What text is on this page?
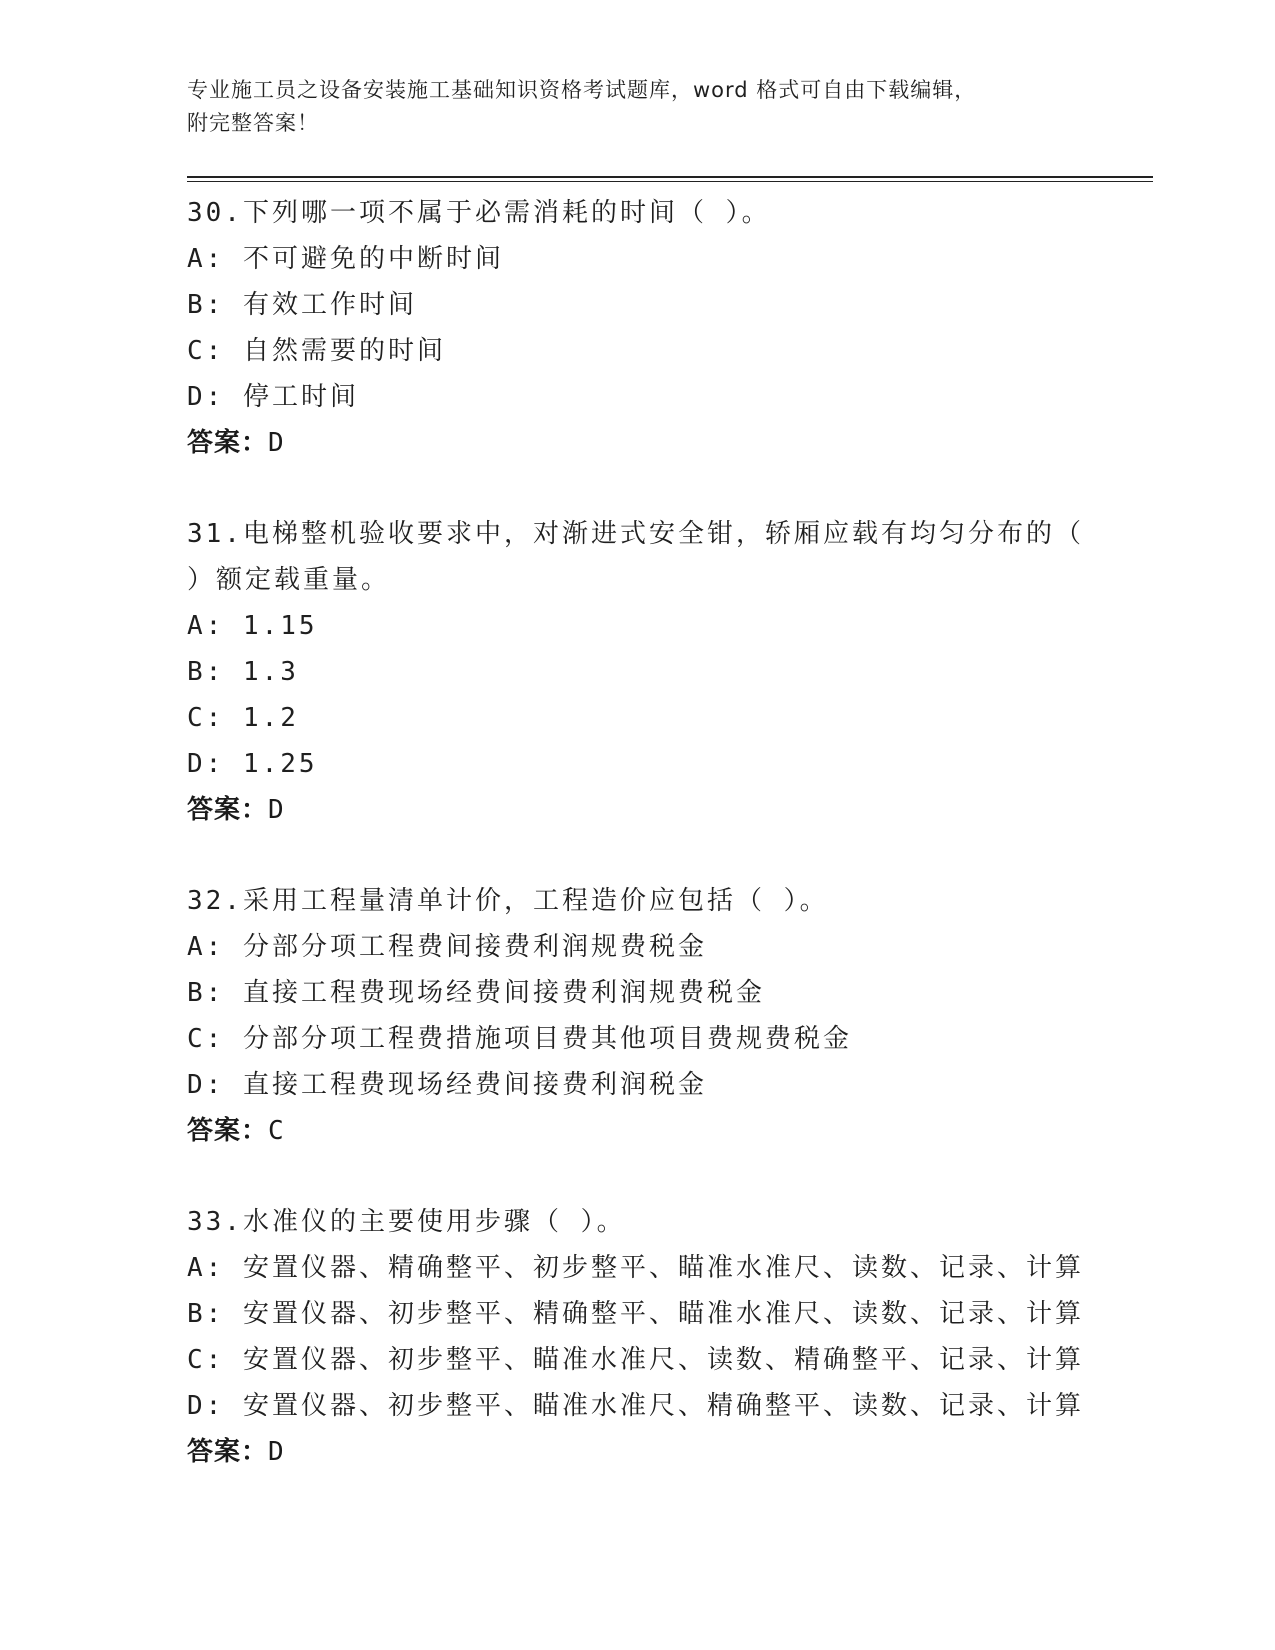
专业施工员之设备安装施工基础知识资格考试题库，word 格式可自由下载编辑，
附完整答案！
30.下列哪一项不属于必需消耗的时间（ ）。
A: 不可避免的中断时间
B: 有效工作时间
C: 自然需要的时间
D: 停工时间
答案：D
31.电梯整机验收要求中，对渐进式安全钳，轿厢应载有均匀分布的（
）额定载重量。
A: 1.15
B: 1.3
C: 1.2
D: 1.25
答案：D
32.采用工程量清单计价，工程造价应包括（ ）。
A: 分部分项工程费间接费利润规费税金
B: 直接工程费现场经费间接费利润规费税金
C: 分部分项工程费措施项目费其他项目费规费税金
D: 直接工程费现场经费间接费利润税金
答案：C
33.水准仪的主要使用步骤（ ）。
A: 安置仪器、精确整平、初步整平、瞄准水准尺、读数、记录、计算
B: 安置仪器、初步整平、精确整平、瞄准水准尺、读数、记录、计算
C: 安置仪器、初步整平、瞄准水准尺、读数、精确整平、记录、计算
D: 安置仪器、初步整平、瞄准水准尺、精确整平、读数、记录、计算
答案：D
